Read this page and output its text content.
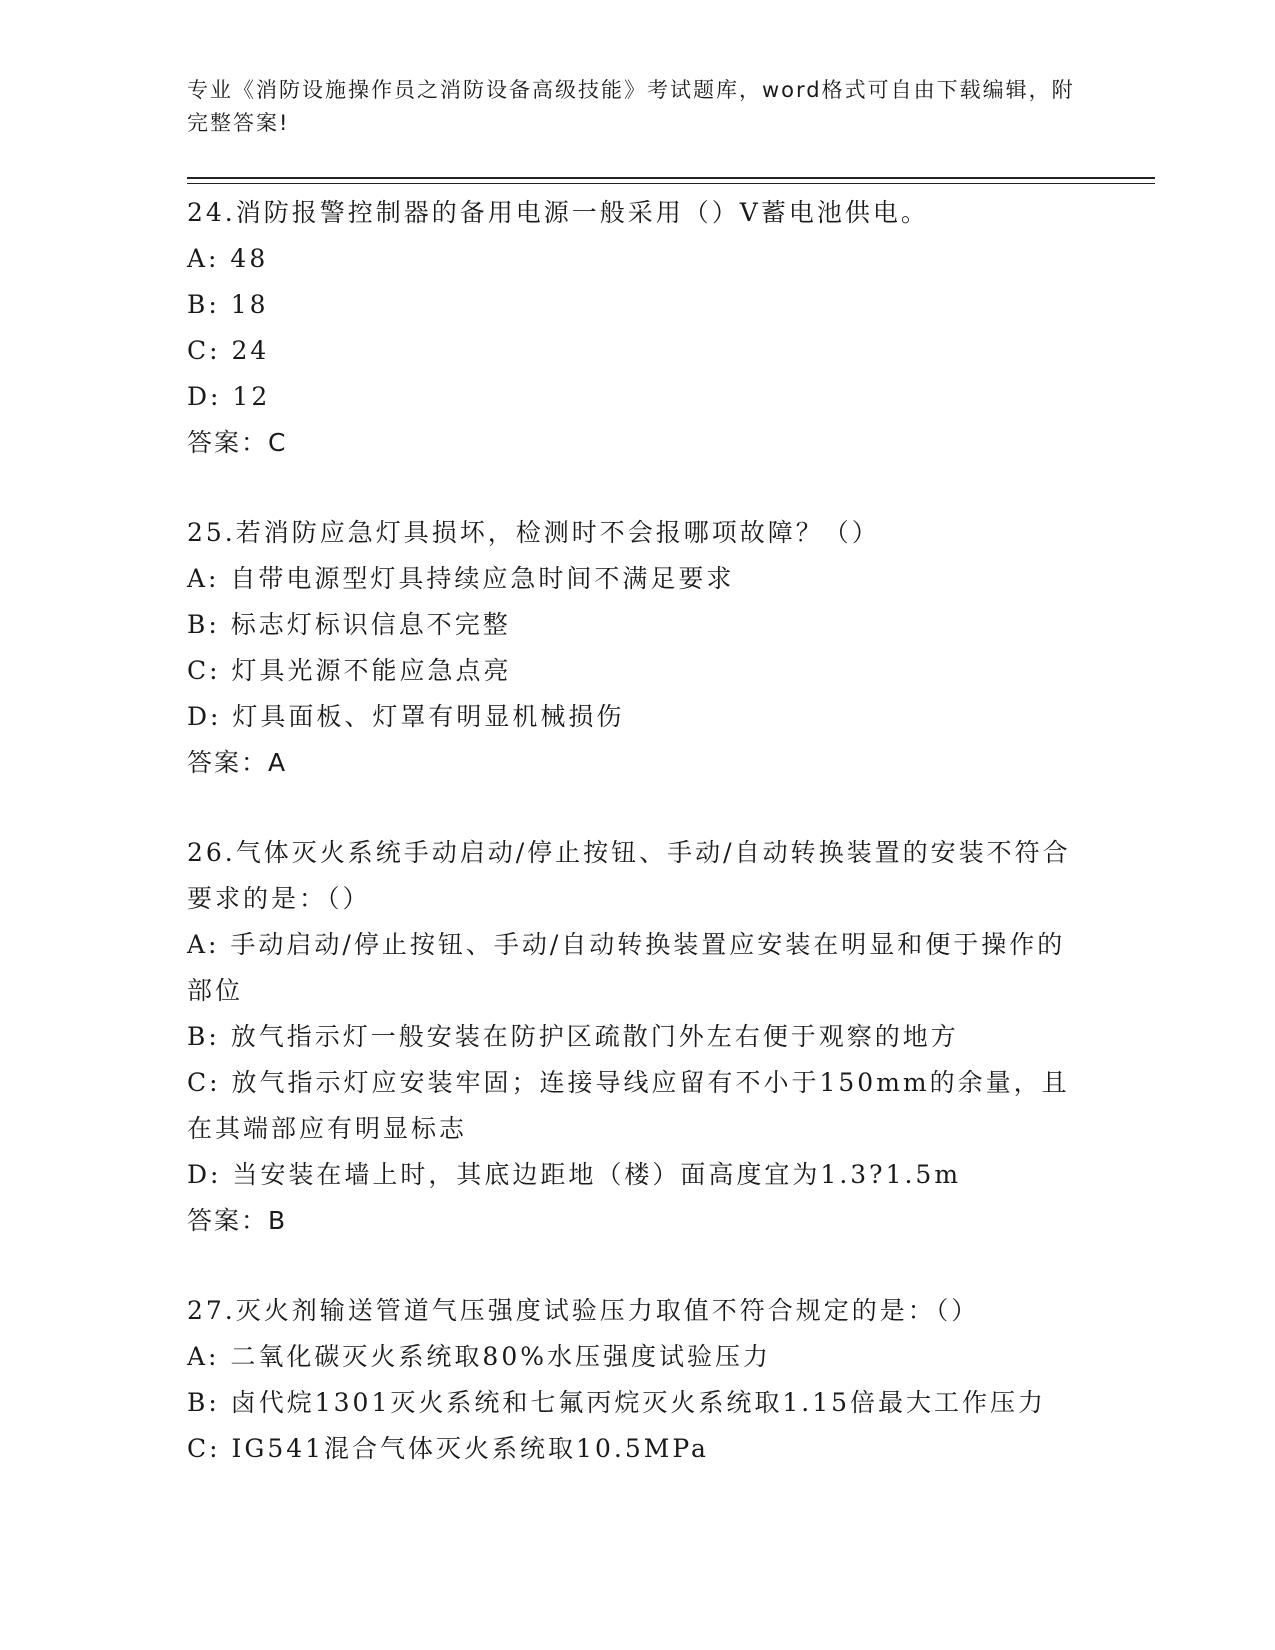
专业《消防设施操作员之消防设备高级技能》考试题库，word格式可自由下载编辑，附完整答案!

24.消防报警控制器的备用电源一般采用（）V蓄电池供电。

A: 48

B: 18

C: 24

D: 12

答案：C

25.若消防应急灯具损坏，检测时不会报哪项故障？（）

A: 自带电源型灯具持续应急时间不满足要求

B: 标志灯标识信息不完整

C: 灯具光源不能应急点亮

D: 灯具面板、灯罩有明显机械损伤

答案：A

26.气体灭火系统手动启动/停止按钮、手动/自动转换装置的安装不符合要求的是：（）

A: 手动启动/停止按钮、手动/自动转换装置应安装在明显和便于操作的部位

B: 放气指示灯一般安装在防护区疏散门外左右便于观察的地方

C: 放气指示灯应安装牢固；连接导线应留有不小于150mm的余量，且在其端部应有明显标志

D: 当安装在墙上时，其底边距地（楼）面高度宜为1.3?1.5m

答案：B

27.灭火剂输送管道气压强度试验压力取值不符合规定的是：（）

A: 二氧化碳灭火系统取80%水压强度试验压力

B: 卤代烷1301灭火系统和七氟丙烷灭火系统取1.15倍最大工作压力

C: IG541混合气体灭火系统取10.5MPa
